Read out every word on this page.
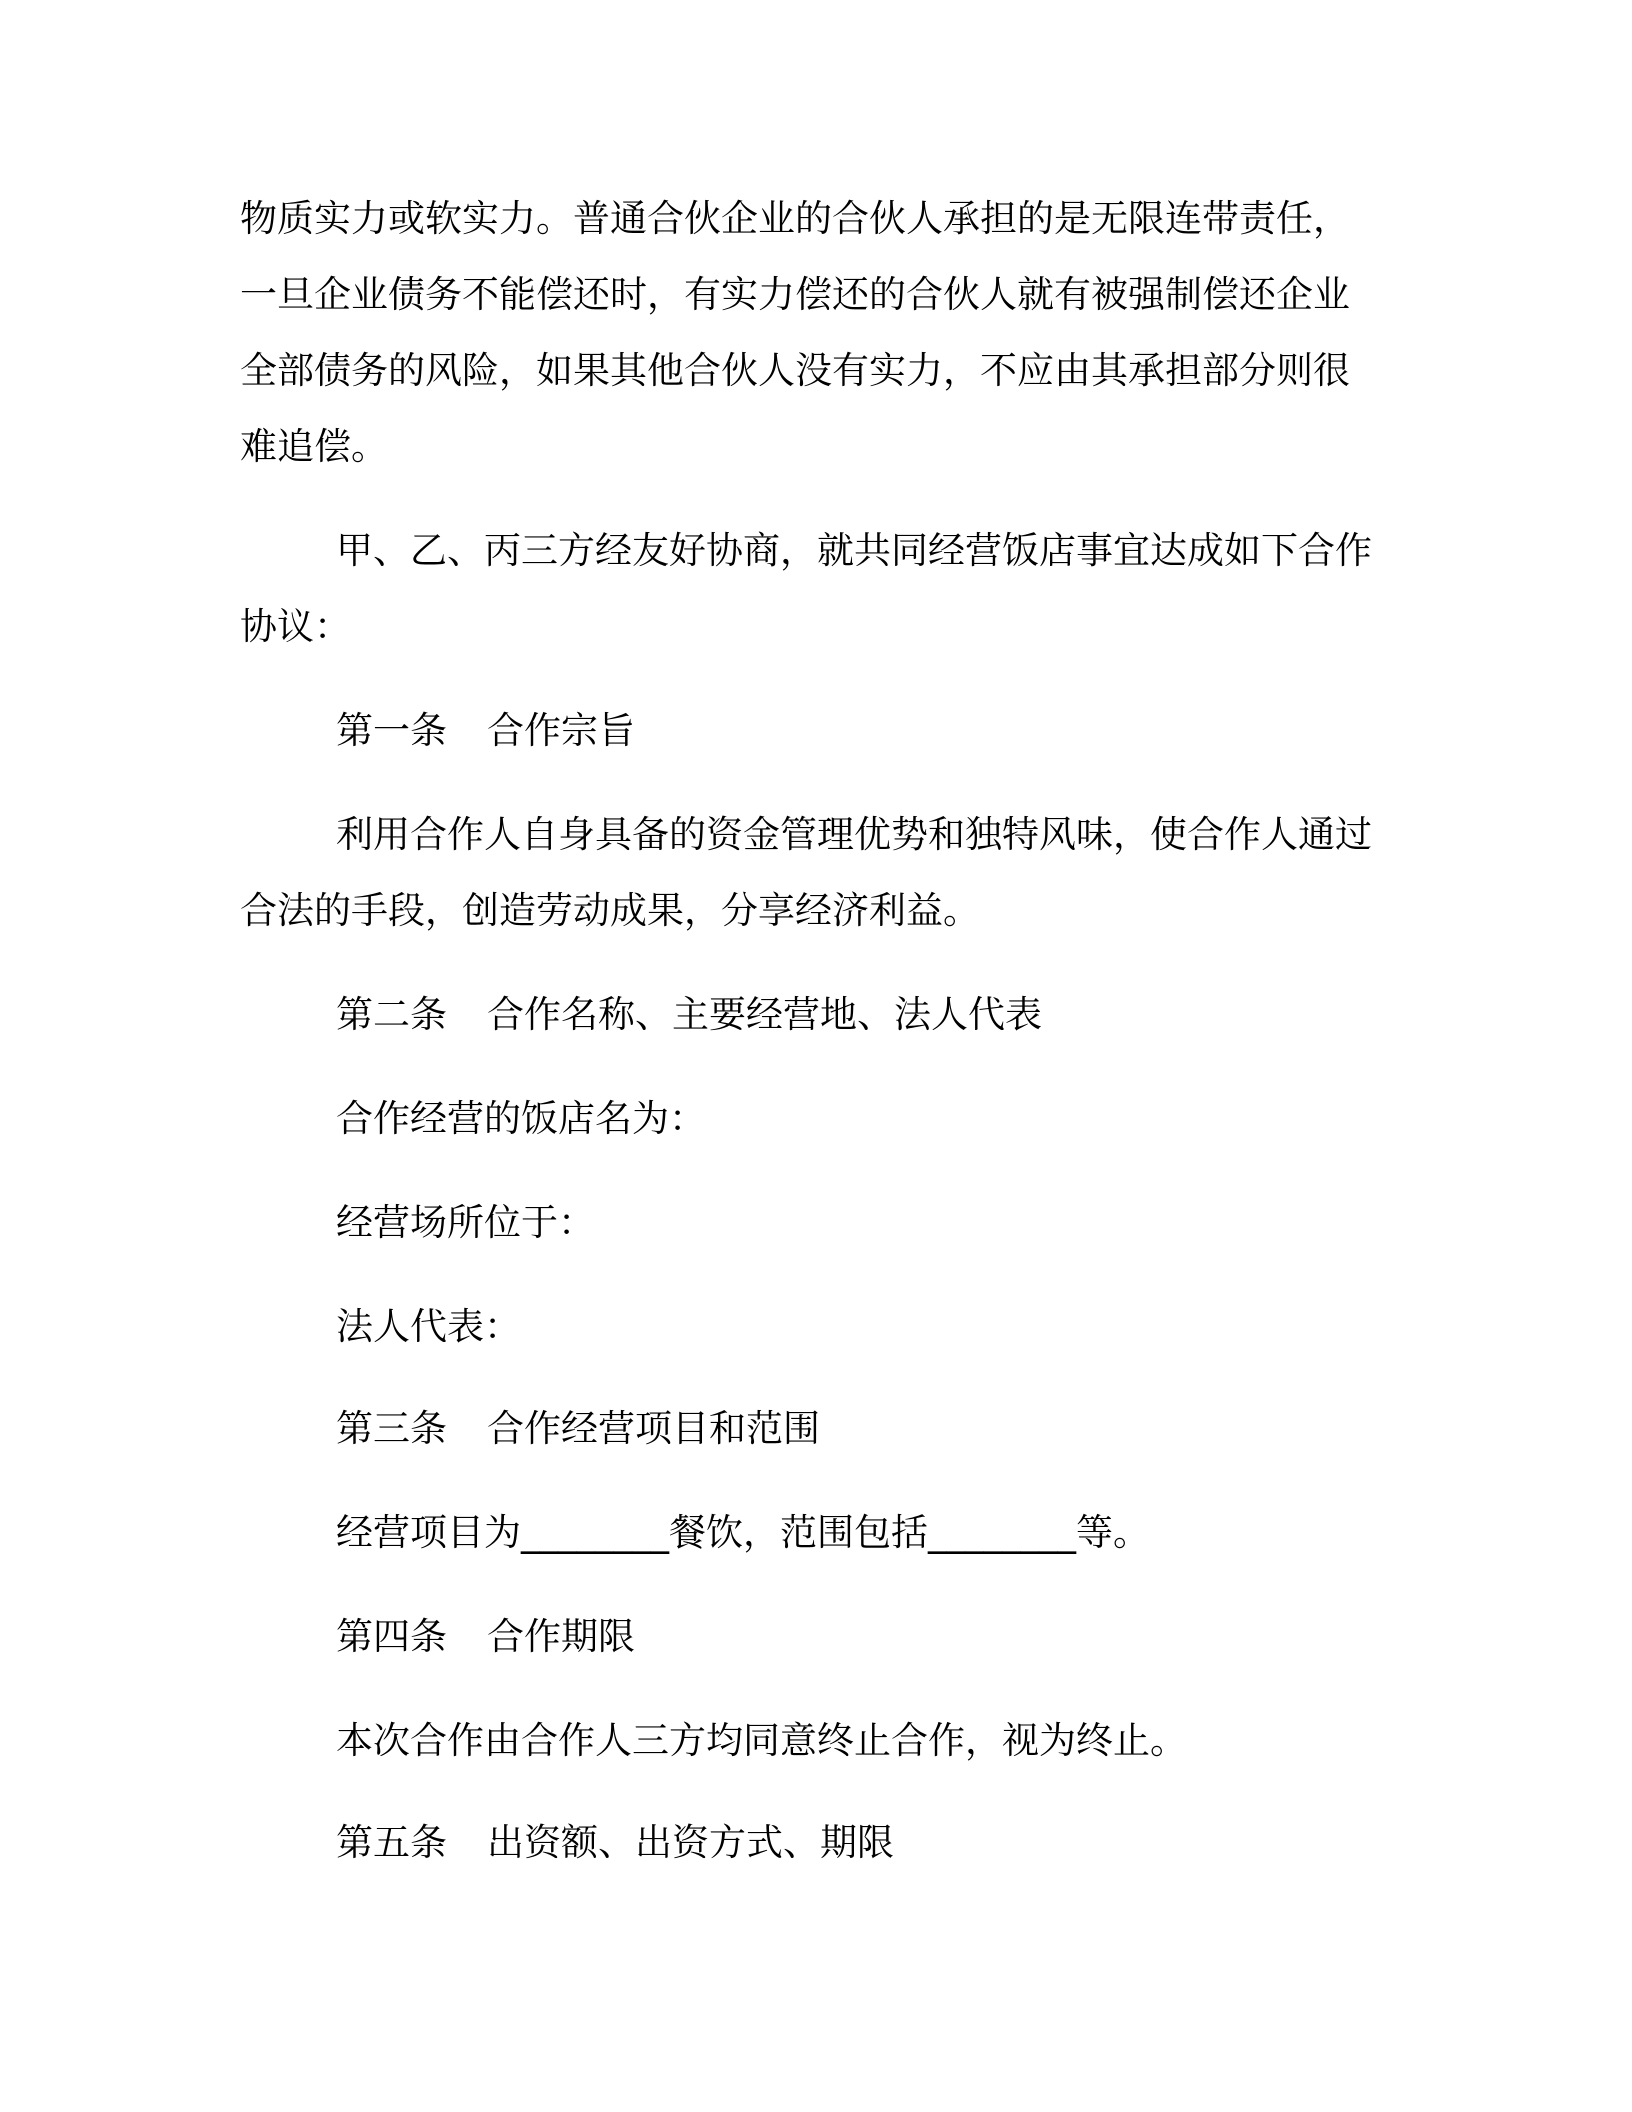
物质实力或软实力。普通合伙企业的合伙人承担的是无限连带责任，
一旦企业债务不能偿还时，有实力偿还的合伙人就有被强制偿还企业
全部债务的风险，如果其他合伙人没有实力，不应由其承担部分则很
难追偿。
甲、乙、丙三方经友好协商，就共同经营饭店事宜达成如下合作
协议：
第一条 合作宗旨
利用合作人自身具备的资金管理优势和独特风味，使合作人通过
合法的手段，创造劳动成果，分享经济利益。
第二条 合作名称、主要经营地、法人代表
合作经营的饭店名为：
经营场所位于：
法人代表：
第三条 合作经营项目和范围
经营项目为________餐饮，范围包括________等。
第四条 合作期限
本次合作由合作人三方均同意终止合作，视为终止。
第五条 出资额、出资方式、期限
